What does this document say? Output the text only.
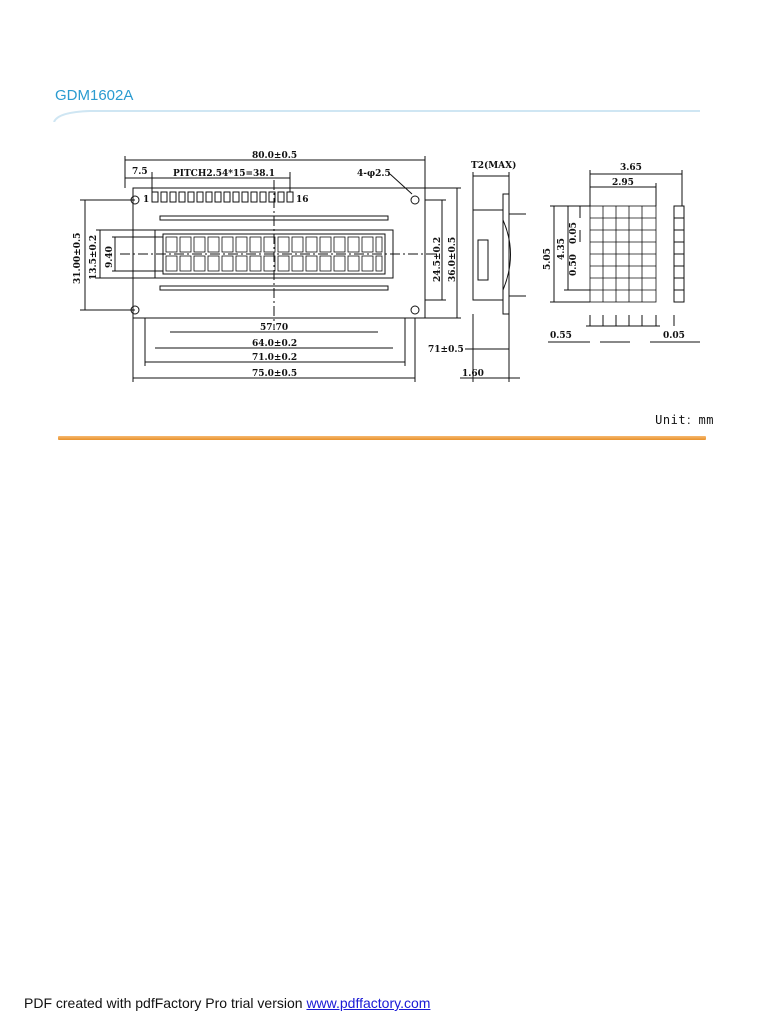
GDM1602A
80.0±0.5
7.5	PITCH2.54*15=38.1	4-φ2.5
1	16
31.00±0.5 13.5±0.2 9.40	24.5±0.2 36.0±0.5
57.70
64.0±0.2
71.0±0.2
75.0±0.5
T2(MAX)
71±0.5
1.60
3.65
2.95
5.05 4.35
0.05
0.50
0.55	0.05
Unit：mm
PDF created with pdfFactory Pro trial version www.pdffactory.com
